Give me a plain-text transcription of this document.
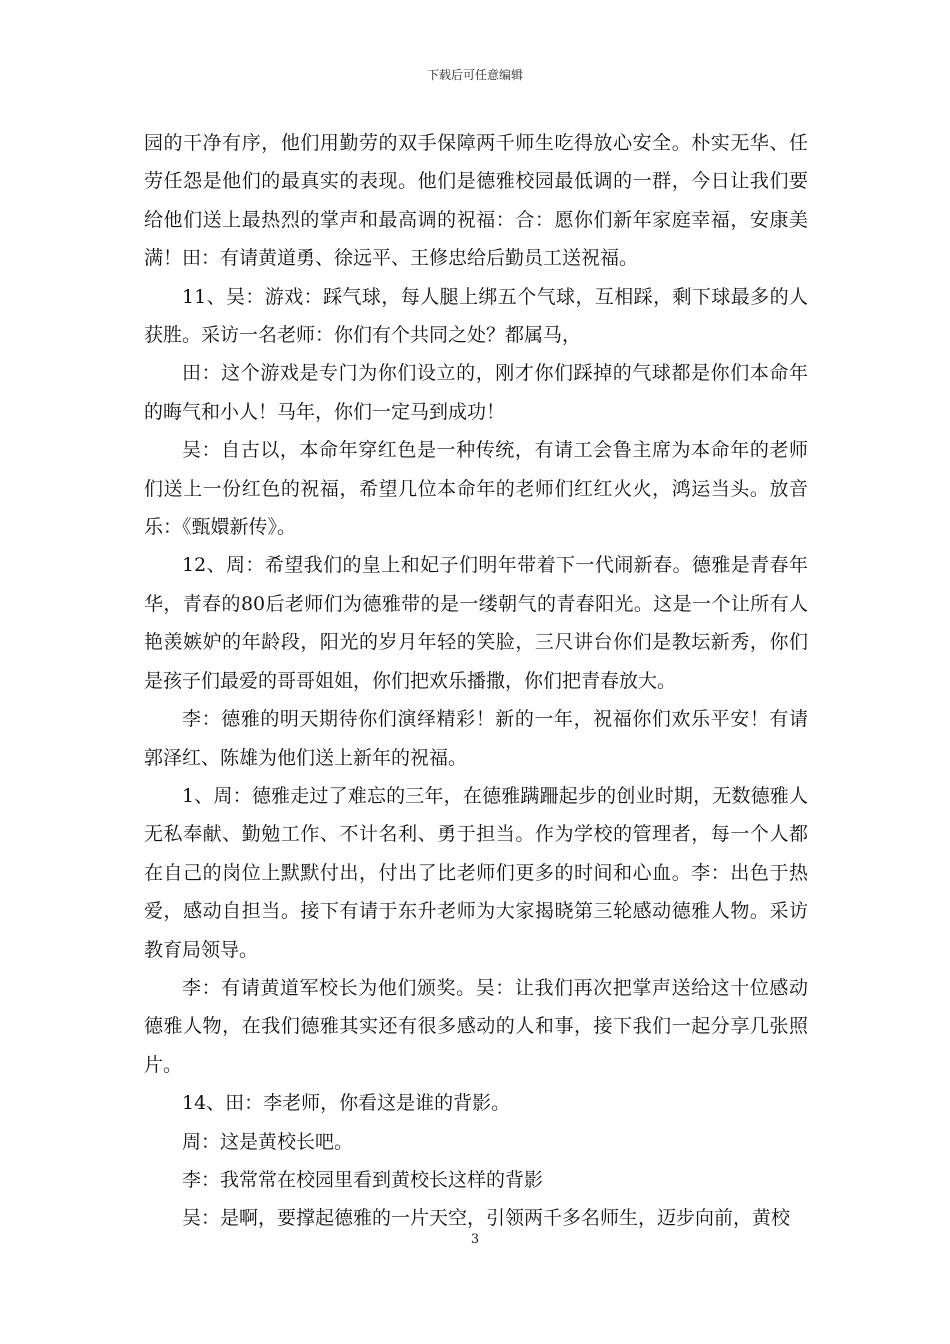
下载后可任意编辑

园的干净有序，他们用勤劳的双手保障两千师生吃得放心安全。朴实无华、任劳任怨是他们的最真实的表现。他们是德雅校园最低调的一群，今日让我们要给他们送上最热烈的掌声和最高调的祝福：合：愿你们新年家庭幸福，安康美满！田：有请黄道勇、徐远平、王修忠给后勤员工送祝福。

11、吴：游戏：踩气球，每人腿上绑五个气球，互相踩，剩下球最多的人获胜。采访一名老师：你们有个共同之处？都属马，

田：这个游戏是专门为你们设立的，刚才你们踩掉的气球都是你们本命年的晦气和小人！马年，你们一定马到成功！

吴：自古以，本命年穿红色是一种传统，有请工会鲁主席为本命年的老师们送上一份红色的祝福，希望几位本命年的老师们红红火火，鸿运当头。放音乐：《甄嬛新传》。

12、周：希望我们的皇上和妃子们明年带着下一代闹新春。德雅是青春年华，青春的80后老师们为德雅带的是一缕朝气的青春阳光。这是一个让所有人艳羡嫉妒的年龄段，阳光的岁月年轻的笑脸，三尺讲台你们是教坛新秀，你们是孩子们最爱的哥哥姐姐，你们把欢乐播撒，你们把青春放大。

李：德雅的明天期待你们演绎精彩！新的一年，祝福你们欢乐平安！有请郭泽红、陈雄为他们送上新年的祝福。

1、周：德雅走过了难忘的三年，在德雅蹒跚起步的创业时期，无数德雅人无私奉献、勤勉工作、不计名利、勇于担当。作为学校的管理者，每一个人都在自己的岗位上默默付出，付出了比老师们更多的时间和心血。李：出色于热爱，感动自担当。接下有请于东升老师为大家揭晓第三轮感动德雅人物。采访教育局领导。

李：有请黄道军校长为他们颁奖。吴：让我们再次把掌声送给这十位感动德雅人物，在我们德雅其实还有很多感动的人和事，接下我们一起分享几张照片。

14、田：李老师，你看这是谁的背影。

周：这是黄校长吧。

李：我常常在校园里看到黄校长这样的背影

吴：是啊，要撑起德雅的一片天空，引领两千多名师生，迈步向前，黄校

3
